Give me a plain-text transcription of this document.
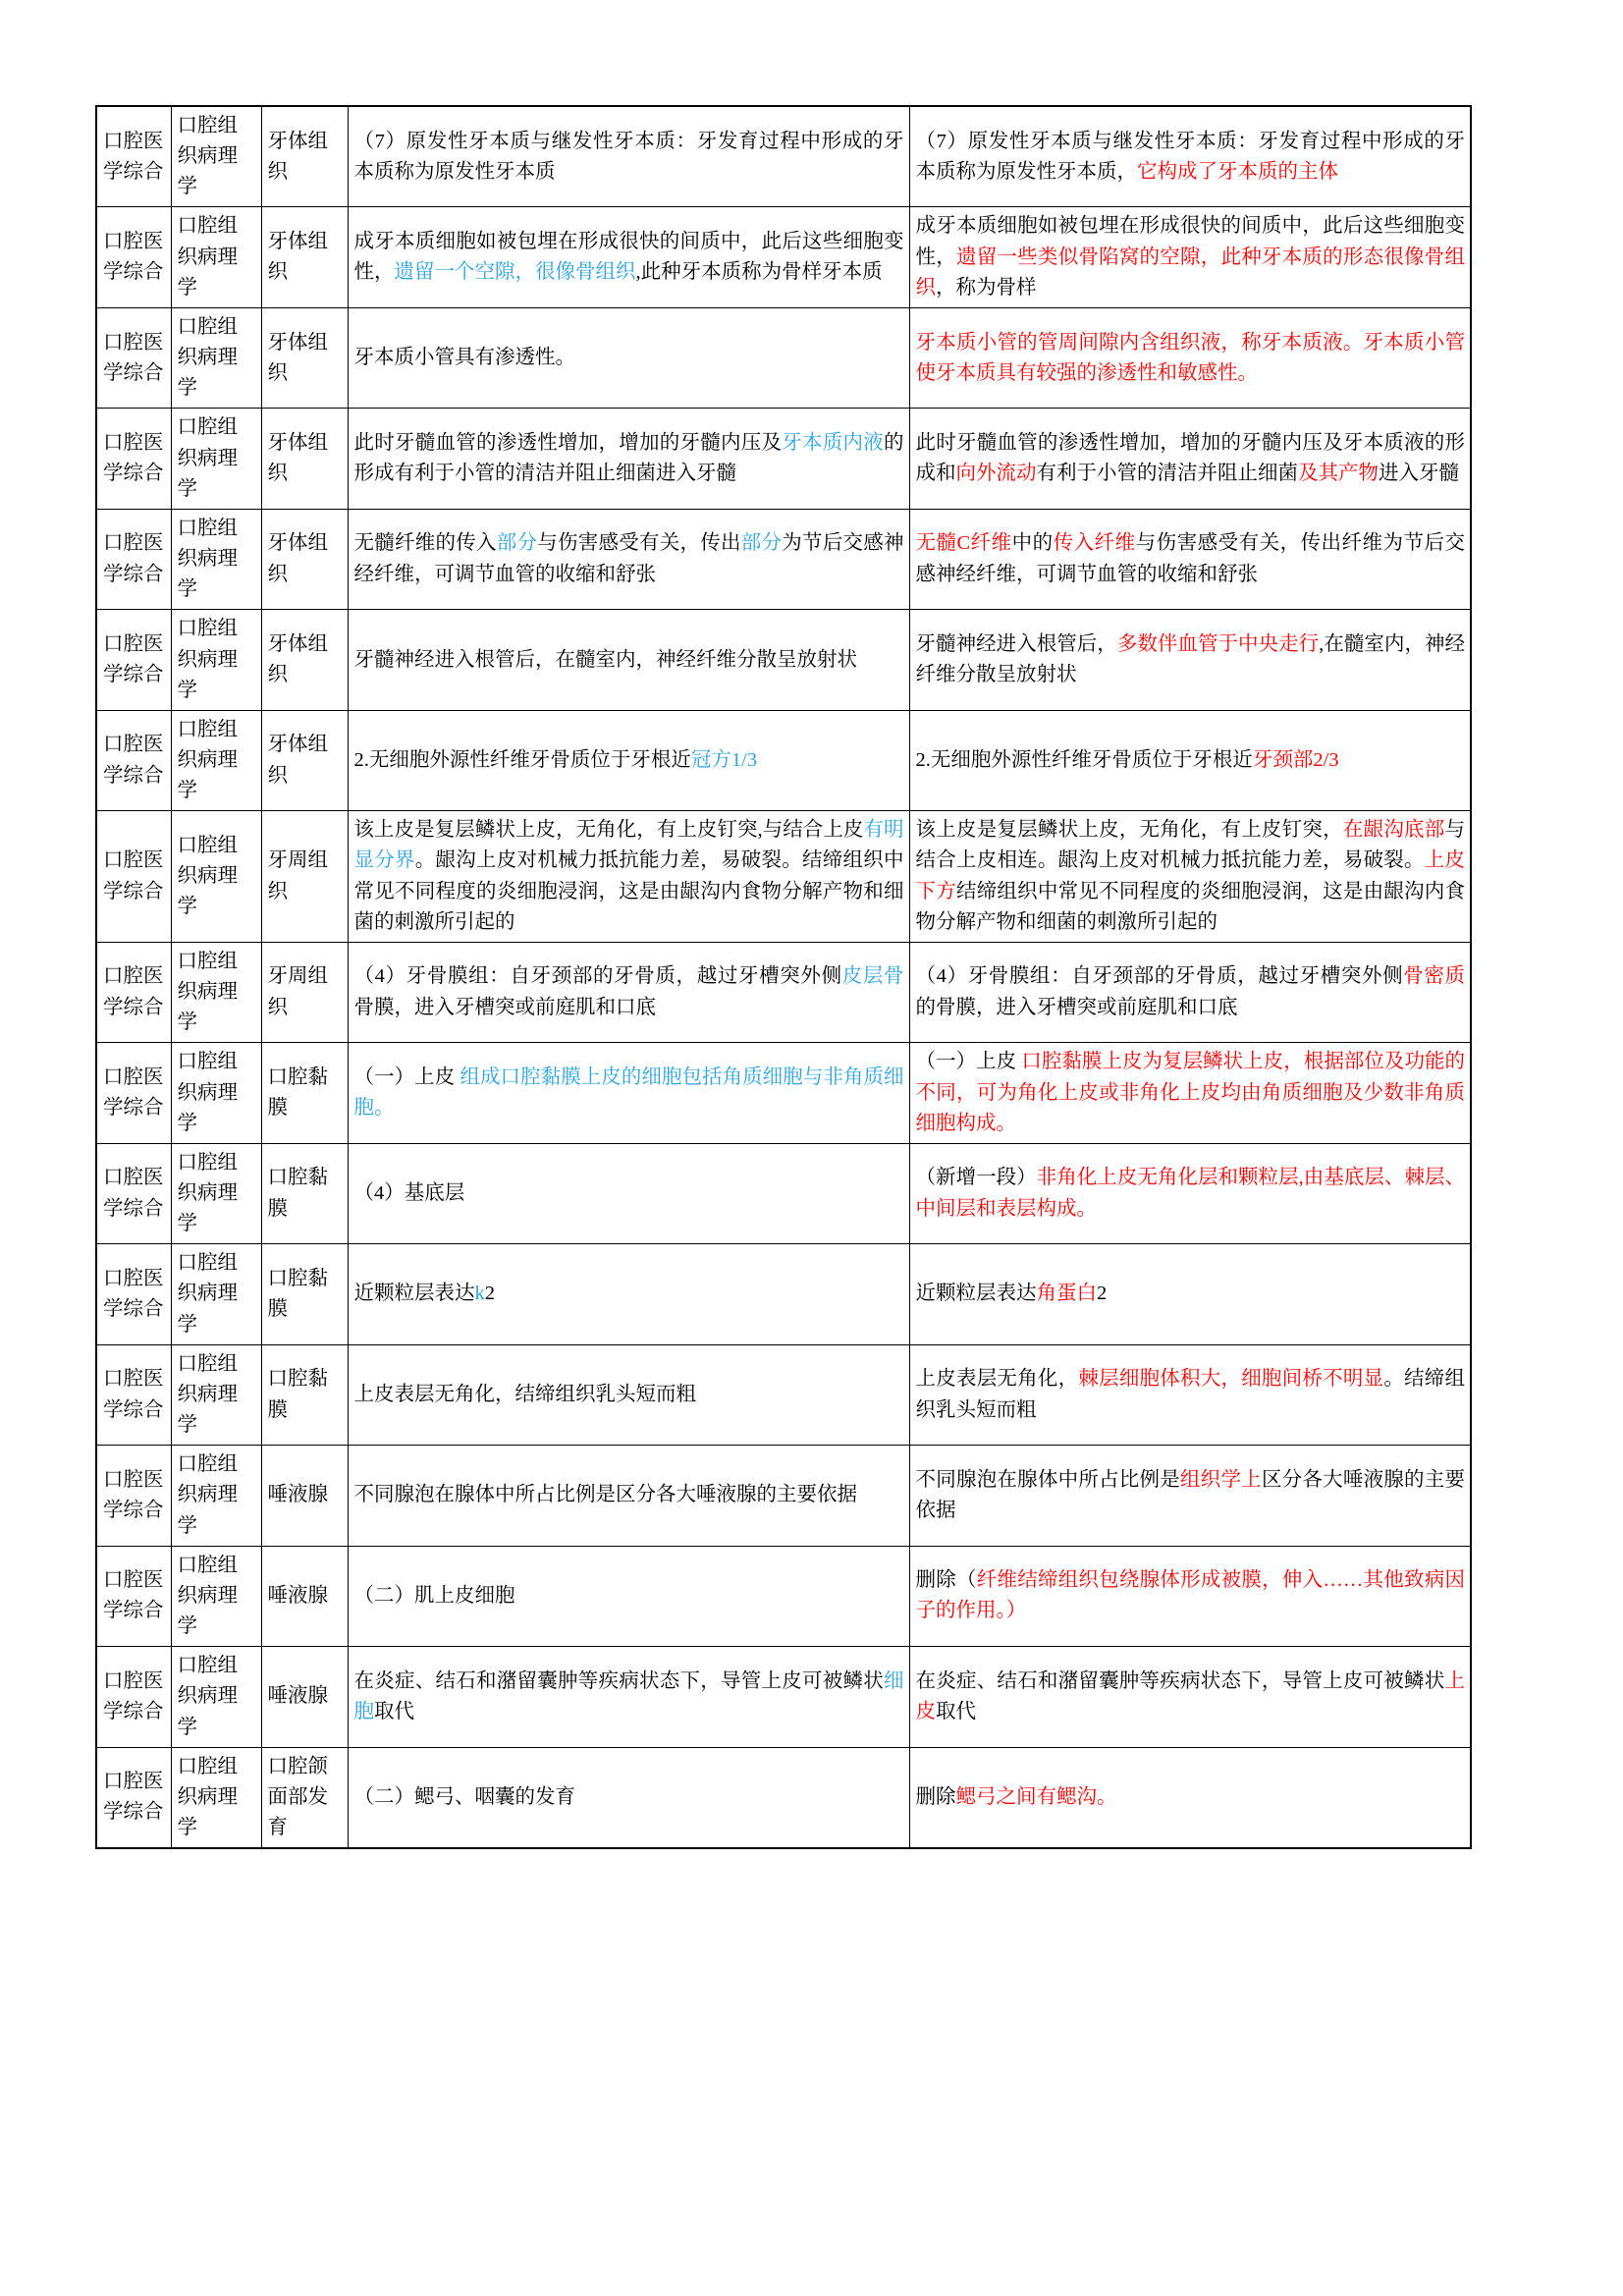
口腔医学综合	口腔组织病理学	牙体组织	（7）原发性牙本质与继发性牙本质：牙发育过程中形成的牙本质称为原发性牙本质	（7）原发性牙本质与继发性牙本质：牙发育过程中形成的牙本质称为原发性牙本质，它构成了牙本质的主体
口腔医学综合	口腔组织病理学	牙体组织	成牙本质细胞如被包埋在形成很快的间质中，此后这些细胞变性，遗留一个空隙，很像骨组织,此种牙本质称为骨样牙本质	成牙本质细胞如被包埋在形成很快的间质中，此后这些细胞变性，遗留一些类似骨陷窝的空隙，此种牙本质的形态很像骨组织，称为骨样
口腔医学综合	口腔组织病理学	牙体组织	牙本质小管具有渗透性。	牙本质小管的管周间隙内含组织液，称牙本质液。牙本质小管使牙本质具有较强的渗透性和敏感性。
口腔医学综合	口腔组织病理学	牙体组织	此时牙髓血管的渗透性增加，增加的牙髓内压及牙本质内液的形成有利于小管的清洁并阻止细菌进入牙髓	此时牙髓血管的渗透性增加，增加的牙髓内压及牙本质液的形成和向外流动有利于小管的清洁并阻止细菌及其产物进入牙髓
口腔医学综合	口腔组织病理学	牙体组织	无髓纤维的传入部分与伤害感受有关，传出部分为节后交感神经纤维，可调节血管的收缩和舒张	无髓C纤维中的传入纤维与伤害感受有关，传出纤维为节后交感神经纤维，可调节血管的收缩和舒张
口腔医学综合	口腔组织病理学	牙体组织	牙髓神经进入根管后，在髓室内，神经纤维分散呈放射状	牙髓神经进入根管后，多数伴血管于中央走行,在髓室内，神经纤维分散呈放射状
口腔医学综合	口腔组织病理学	牙体组织	2.无细胞外源性纤维牙骨质位于牙根近冠方1/3	2.无细胞外源性纤维牙骨质位于牙根近牙颈部2/3
口腔医学综合	口腔组织病理学	牙周组织	该上皮是复层鳞状上皮，无角化，有上皮钉突,与结合上皮有明显分界。龈沟上皮对机械力抵抗能力差，易破裂。结缔组织中常见不同程度的炎细胞浸润，这是由龈沟内食物分解产物和细菌的刺激所引起的	该上皮是复层鳞状上皮，无角化，有上皮钉突，在龈沟底部与结合上皮相连。龈沟上皮对机械力抵抗能力差，易破裂。上皮下方结缔组织中常见不同程度的炎细胞浸润，这是由龈沟内食物分解产物和细菌的刺激所引起的
口腔医学综合	口腔组织病理学	牙周组织	（4）牙骨膜组：自牙颈部的牙骨质，越过牙槽突外侧皮层骨骨膜，进入牙槽突或前庭肌和口底	（4）牙骨膜组：自牙颈部的牙骨质，越过牙槽突外侧骨密质的骨膜，进入牙槽突或前庭肌和口底
口腔医学综合	口腔组织病理学	口腔黏膜	（一）上皮 组成口腔黏膜上皮的细胞包括角质细胞与非角质细胞。	（一）上皮 口腔黏膜上皮为复层鳞状上皮，根据部位及功能的不同，可为角化上皮或非角化上皮均由角质细胞及少数非角质细胞构成。
口腔医学综合	口腔组织病理学	口腔黏膜	（4）基底层	（新增一段）非角化上皮无角化层和颗粒层,由基底层、棘层、中间层和表层构成。
口腔医学综合	口腔组织病理学	口腔黏膜	近颗粒层表达k2	近颗粒层表达角蛋白2
口腔医学综合	口腔组织病理学	口腔黏膜	上皮表层无角化，结缔组织乳头短而粗	上皮表层无角化，棘层细胞体积大，细胞间桥不明显。结缔组织乳头短而粗
口腔医学综合	口腔组织病理学	唾液腺	不同腺泡在腺体中所占比例是区分各大唾液腺的主要依据	不同腺泡在腺体中所占比例是组织学上区分各大唾液腺的主要依据
口腔医学综合	口腔组织病理学	唾液腺	（二）肌上皮细胞	删除（纤维结缔组织包绕腺体形成被膜，伸入……其他致病因子的作用。）
口腔医学综合	口腔组织病理学	唾液腺	在炎症、结石和潴留囊肿等疾病状态下，导管上皮可被鳞状细胞取代	在炎症、结石和潴留囊肿等疾病状态下，导管上皮可被鳞状上皮取代
口腔医学综合	口腔组织病理学	口腔颌面部发育	（二）鳃弓、咽囊的发育	删除鳃弓之间有鳃沟。
